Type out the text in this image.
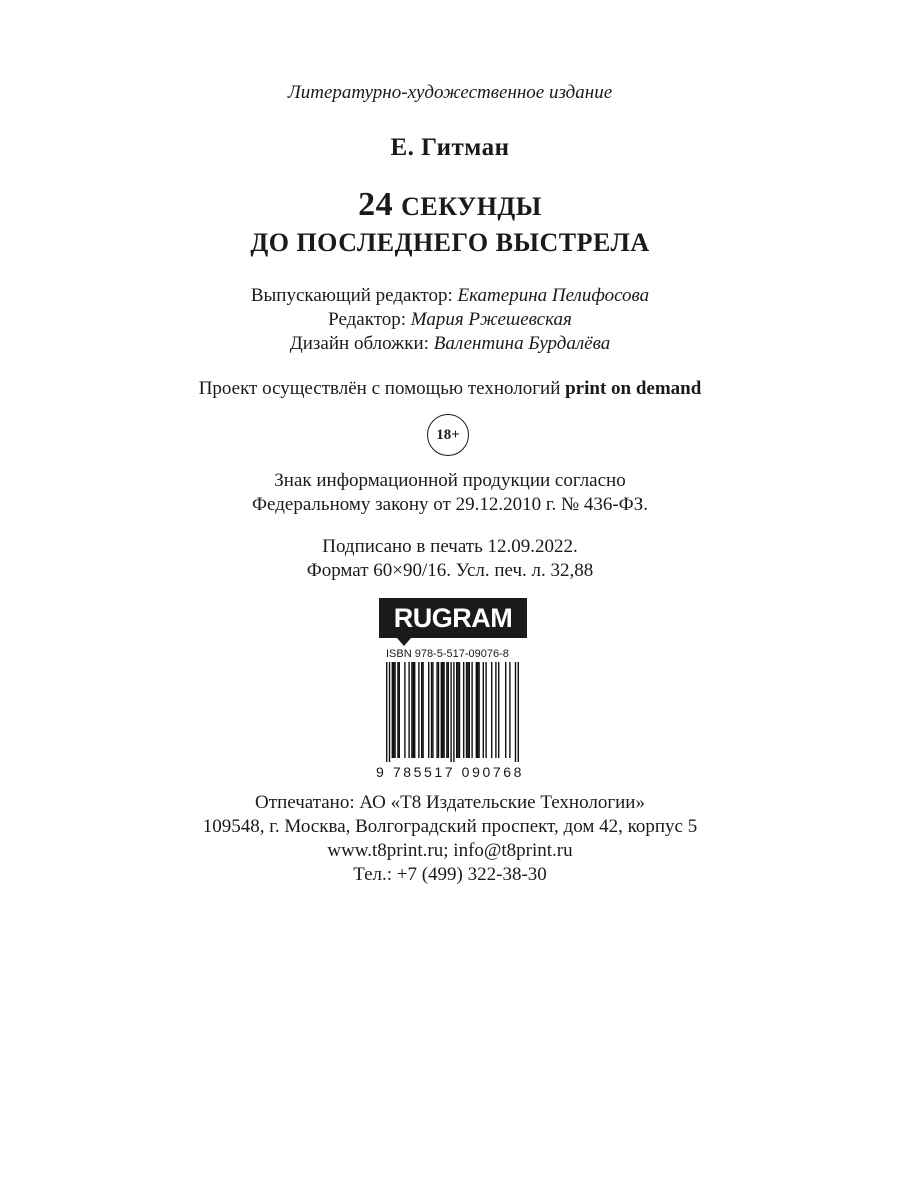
Литературно-художественное издание
Е. Гитман
24 СЕКУНДЫ
ДО ПОСЛЕДНЕГО ВЫСТРЕЛА
Выпускающий редактор: Екатерина Пелифосова
Редактор: Мария Ржешевская
Дизайн обложки: Валентина Бурдалёва
Проект осуществлён с помощью технологий print on demand
18+
Знак информационной продукции согласно
Федеральному закону от 29.12.2010 г. № 436-ФЗ.
Подписано в печать 12.09.2022.
Формат 60×90/16. Усл. печ. л. 32,88
RUGRAM
ISBN 978-5-517-09076-8
9 785517 090768
Отпечатано: АО «Т8 Издательские Технологии»
109548, г. Москва, Волгоградский проспект, дом 42, корпус 5
www.t8print.ru; info@t8print.ru
Тел.: +7 (499) 322-38-30
